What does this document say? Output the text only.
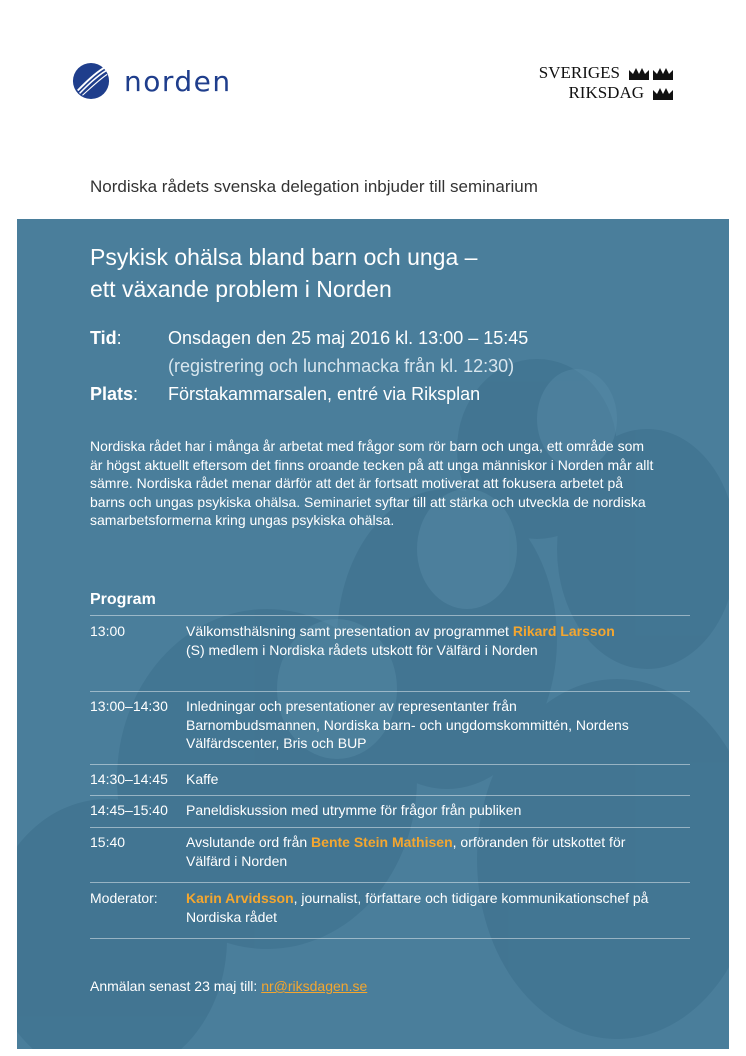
norden	SVERIGES
RIKSDAG
Nordiska rådets svenska delegation inbjuder till seminarium
Psykisk ohälsa bland barn och unga –
ett växande problem i Norden
Tid:	Onsdagen den 25 maj 2016 kl. 13:00 – 15:45
(registrering och lunchmacka från kl. 12:30)
Plats: Förstakammarsalen, entré via Riksplan
Nordiska rådet har i många år arbetat med frågor som rör barn och unga, ett område som är högst aktuellt eftersom det finns oroande tecken på att unga människor i Norden mår allt sämre. Nordiska rådet menar därför att det är fortsatt motiverat att fokusera arbetet på barns och ungas psykiska ohälsa. Seminariet syftar till att stärka och utveckla de nordiska samarbetsformerna kring ungas psykiska ohälsa.
Program
13:00	Välkomsthälsning samt presentation av programmet Rikard Larsson (S) medlem i Nordiska rådets utskott för Välfärd i Norden
13:00–14:30	Inledningar och presentationer av representanter från Barnombudsmannen, Nordiska barn- och ungdomskommittén, Nordens Välfärdscenter, Bris och BUP
14:30–14:45	Kaffe
14:45–15:40	Paneldiskussion med utrymme för frågor från publiken
15:40	Avslutande ord från Bente Stein Mathisen, orföranden för utskottet för Välfärd i Norden
Moderator:	Karin Arvidsson, journalist, författare och tidigare kommunikationschef på Nordiska rådet
Anmälan senast 23 maj till: nr@riksdagen.se
